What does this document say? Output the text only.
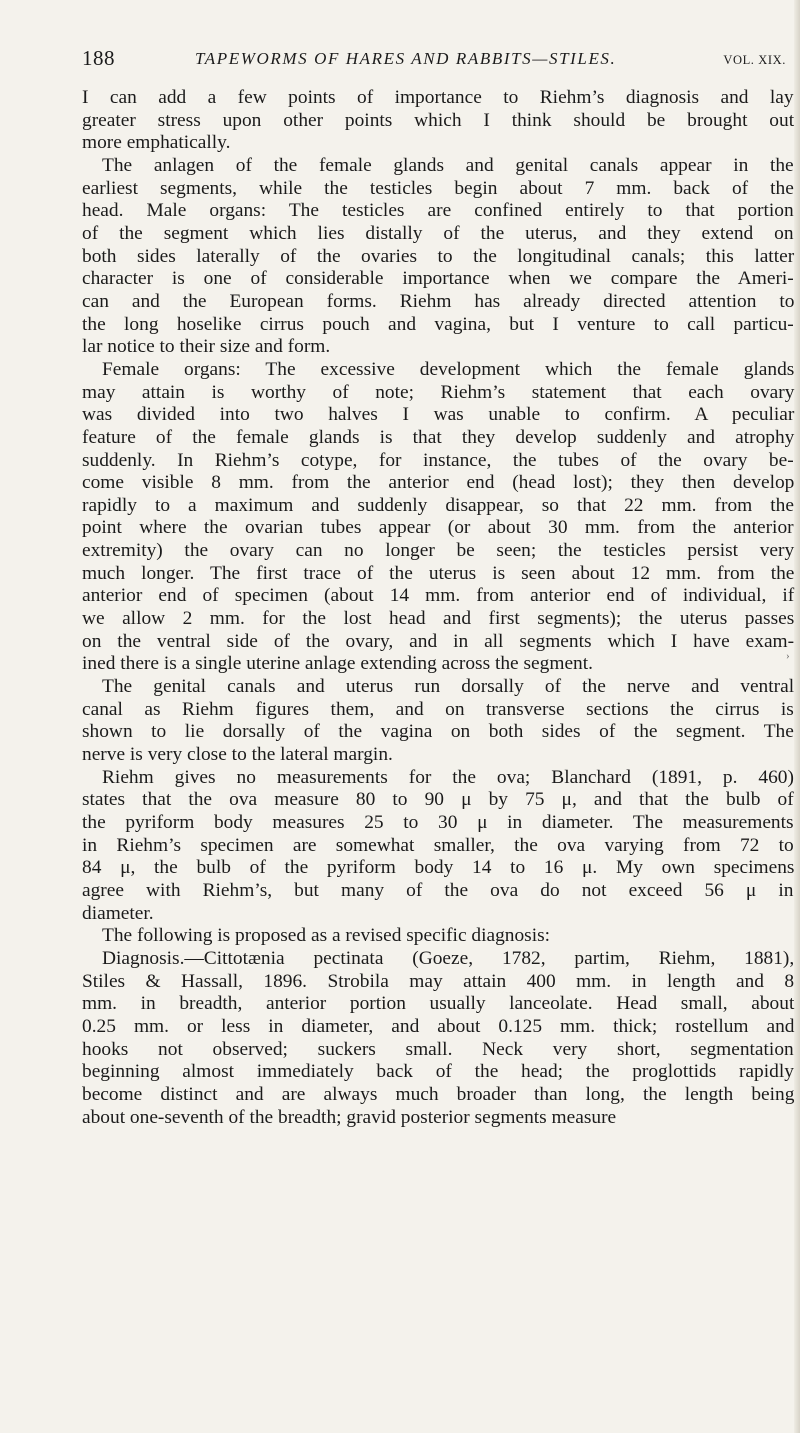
188	TAPEWORMS OF HARES AND RABBITS—STILES.	VOL. XIX.
I can add a few points of importance to Riehm’s diagnosis and lay
greater stress upon other points which I think should be brought out
more emphatically.
The anlagen of the female glands and genital canals appear in the
earliest segments, while the testicles begin about 7 mm. back of the
head. Male organs: The testicles are confined entirely to that portion
of the segment which lies distally of the uterus, and they extend on
both sides laterally of the ovaries to the longitudinal canals; this latter
character is one of considerable importance when we compare the Ameri-
can and the European forms. Riehm has already directed attention to
the long hoselike cirrus pouch and vagina, but I venture to call particu-
lar notice to their size and form.
Female organs: The excessive development which the female glands
may attain is worthy of note; Riehm’s statement that each ovary
was divided into two halves I was unable to confirm. A peculiar
feature of the female glands is that they develop suddenly and atrophy
suddenly. In Riehm’s cotype, for instance, the tubes of the ovary be-
come visible 8 mm. from the anterior end (head lost); they then develop
rapidly to a maximum and suddenly disappear, so that 22 mm. from the
point where the ovarian tubes appear (or about 30 mm. from the anterior
extremity) the ovary can no longer be seen; the testicles persist very
much longer. The first trace of the uterus is seen about 12 mm. from the
anterior end of specimen (about 14 mm. from anterior end of individual, if
we allow 2 mm. for the lost head and first segments); the uterus passes
on the ventral side of the ovary, and in all segments which I have exam-
ined there is a single uterine anlage extending across the segment.
The genital canals and uterus run dorsally of the nerve and ventral
canal as Riehm figures them, and on transverse sections the cirrus is
shown to lie dorsally of the vagina on both sides of the segment. The
nerve is very close to the lateral margin.
Riehm gives no measurements for the ova; Blanchard (1891, p. 460)
states that the ova measure 80 to 90 μ by 75 μ, and that the bulb of
the pyriform body measures 25 to 30 μ in diameter. The measurements
in Riehm’s specimen are somewhat smaller, the ova varying from 72 to
84 μ, the bulb of the pyriform body 14 to 16 μ. My own specimens
agree with Riehm’s, but many of the ova do not exceed 56 μ in
diameter.
The following is proposed as a revised specific diagnosis:
Diagnosis.—Cittotænia pectinata (Goeze, 1782, partim, Riehm, 1881),
Stiles & Hassall, 1896. Strobila may attain 400 mm. in length and 8
mm. in breadth, anterior portion usually lanceolate. Head small, about
0.25 mm. or less in diameter, and about 0.125 mm. thick; rostellum and
hooks not observed; suckers small. Neck very short, segmentation
beginning almost immediately back of the head; the proglottids rapidly
become distinct and are always much broader than long, the length being
about one-seventh of the breadth; gravid posterior segments measure
›
